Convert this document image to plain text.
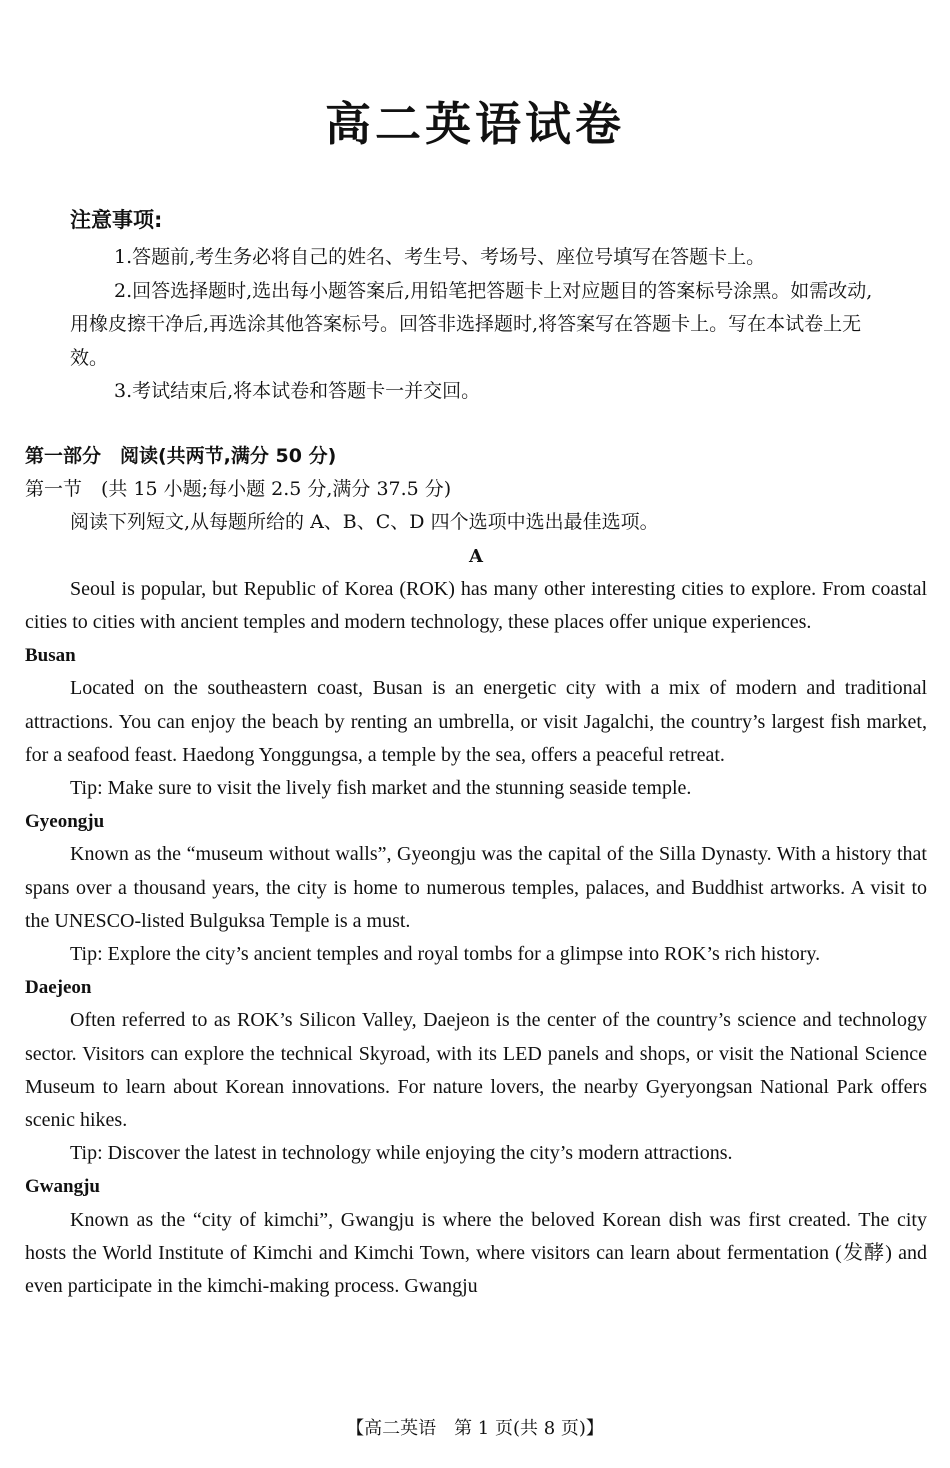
高二英语试卷
注意事项:

1.答题前,考生务必将自己的姓名、考生号、考场号、座位号填写在答题卡上。

2.回答选择题时,选出每小题答案后,用铅笔把答题卡上对应题目的答案标号涂黑。如需改动,用橡皮擦干净后,再选涂其他答案标号。回答非选择题时,将答案写在答题卡上。写在本试卷上无效。

3.考试结束后,将本试卷和答题卡一并交回。

第一部分　阅读(共两节,满分 50 分)

第一节　(共 15 小题;每小题 2.5 分,满分 37.5 分)

阅读下列短文,从每题所给的 A、B、C、D 四个选项中选出最佳选项。

A

Seoul is popular, but Republic of Korea (ROK) has many other interesting cities to explore. From coastal cities to cities with ancient temples and modern technology, these places offer unique experiences.

Busan

Located on the southeastern coast, Busan is an energetic city with a mix of modern and traditional attractions. You can enjoy the beach by renting an umbrella, or visit Jagalchi, the country’s largest fish market, for a seafood feast. Haedong Yonggungsa, a temple by the sea, offers a peaceful retreat.

Tip: Make sure to visit the lively fish market and the stunning seaside temple.

Gyeongju

Known as the “museum without walls”, Gyeongju was the capital of the Silla Dynasty. With a history that spans over a thousand years, the city is home to numerous temples, palaces, and Buddhist artworks. A visit to the UNESCO-listed Bulguksa Temple is a must.

Tip: Explore the city’s ancient temples and royal tombs for a glimpse into ROK’s rich history.

Daejeon

Often referred to as ROK’s Silicon Valley, Daejeon is the center of the country’s science and technology sector. Visitors can explore the technical Skyroad, with its LED panels and shops, or visit the National Science Museum to learn about Korean innovations. For nature lovers, the nearby Gyeryongsan National Park offers scenic hikes.

Tip: Discover the latest in technology while enjoying the city’s modern attractions.

Gwangju

Known as the “city of kimchi”, Gwangju is where the beloved Korean dish was first created. The city hosts the World Institute of Kimchi and Kimchi Town, where visitors can learn about fermentation (发酵) and even participate in the kimchi-making process. Gwangju

【高二英语　第 1 页(共 8 页)】
